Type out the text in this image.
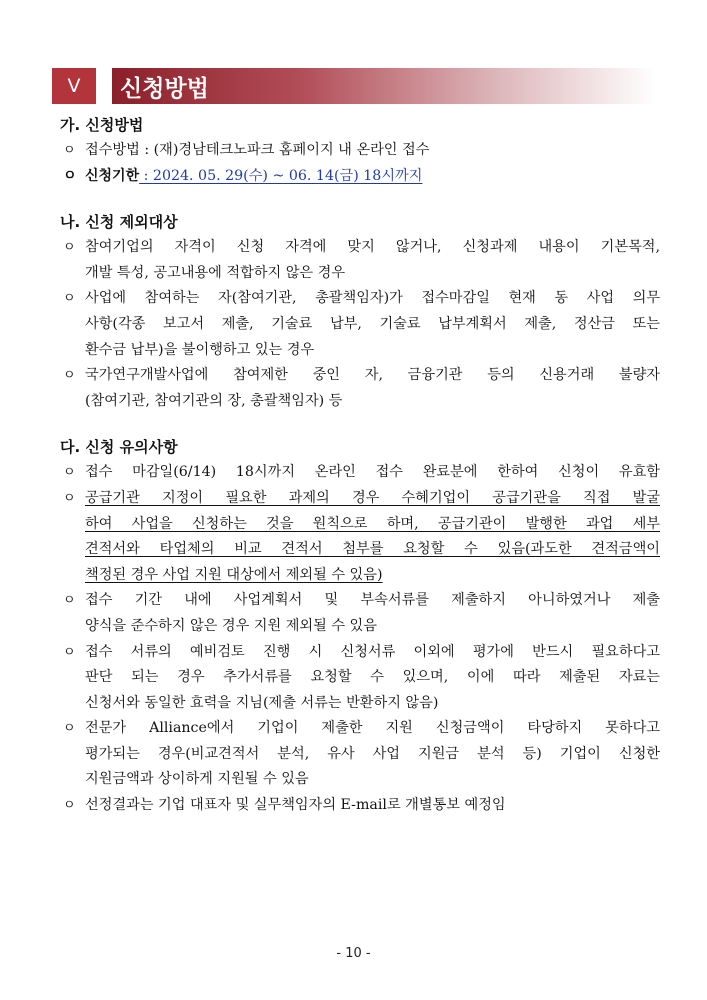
Ⅴ	신청방법
가. 신청방법
ㅇ 접수방법 : (재)경남테크노파크 홈페이지 내 온라인 접수
ㅇ 신청기한 : 2024. 05. 29(수) ~ 06. 14(금) 18시까지
나. 신청 제외대상
ㅇ 참여기업의 자격이 신청 자격에 맞지 않거나, 신청과제 내용이 기본목적,
개발 특성, 공고내용에 적합하지 않은 경우
ㅇ 사업에 참여하는 자(참여기관, 총괄책임자)가 접수마감일 현재 동 사업 의무
사항(각종 보고서 제출, 기술료 납부, 기술료 납부계획서 제출, 정산금 또는
환수금 납부)을 불이행하고 있는 경우
ㅇ 국가연구개발사업에 참여제한 중인 자, 금융기관 등의 신용거래 불량자
(참여기관, 참여기관의 장, 총괄책임자) 등
다. 신청 유의사항
ㅇ 접수 마감일(6/14) 18시까지 온라인 접수 완료분에 한하여 신청이 유효함
ㅇ 공급기관 지정이 필요한 과제의 경우 수혜기업이 공급기관을 직접 발굴
하여 사업을 신청하는 것을 원칙으로 하며, 공급기관이 발행한 과업 세부
견적서와 타업체의 비교 견적서 첨부를 요청할 수 있음(과도한 견적금액이
책정된 경우 사업 지원 대상에서 제외될 수 있음)
ㅇ 접수 기간 내에 사업계획서 및 부속서류를 제출하지 아니하였거나 제출
양식을 준수하지 않은 경우 지원 제외될 수 있음
ㅇ 접수 서류의 예비검토 진행 시 신청서류 이외에 평가에 반드시 필요하다고
판단 되는 경우 추가서류를 요청할 수 있으며, 이에 따라 제출된 자료는
신청서와 동일한 효력을 지님(제출 서류는 반환하지 않음)
ㅇ 전문가 Alliance에서 기업이 제출한 지원 신청금액이 타당하지 못하다고
평가되는 경우(비교견적서 분석, 유사 사업 지원금 분석 등) 기업이 신청한
지원금액과 상이하게 지원될 수 있음
ㅇ 선정결과는 기업 대표자 및 실무책임자의 E-mail로 개별통보 예정임
- 10 -
